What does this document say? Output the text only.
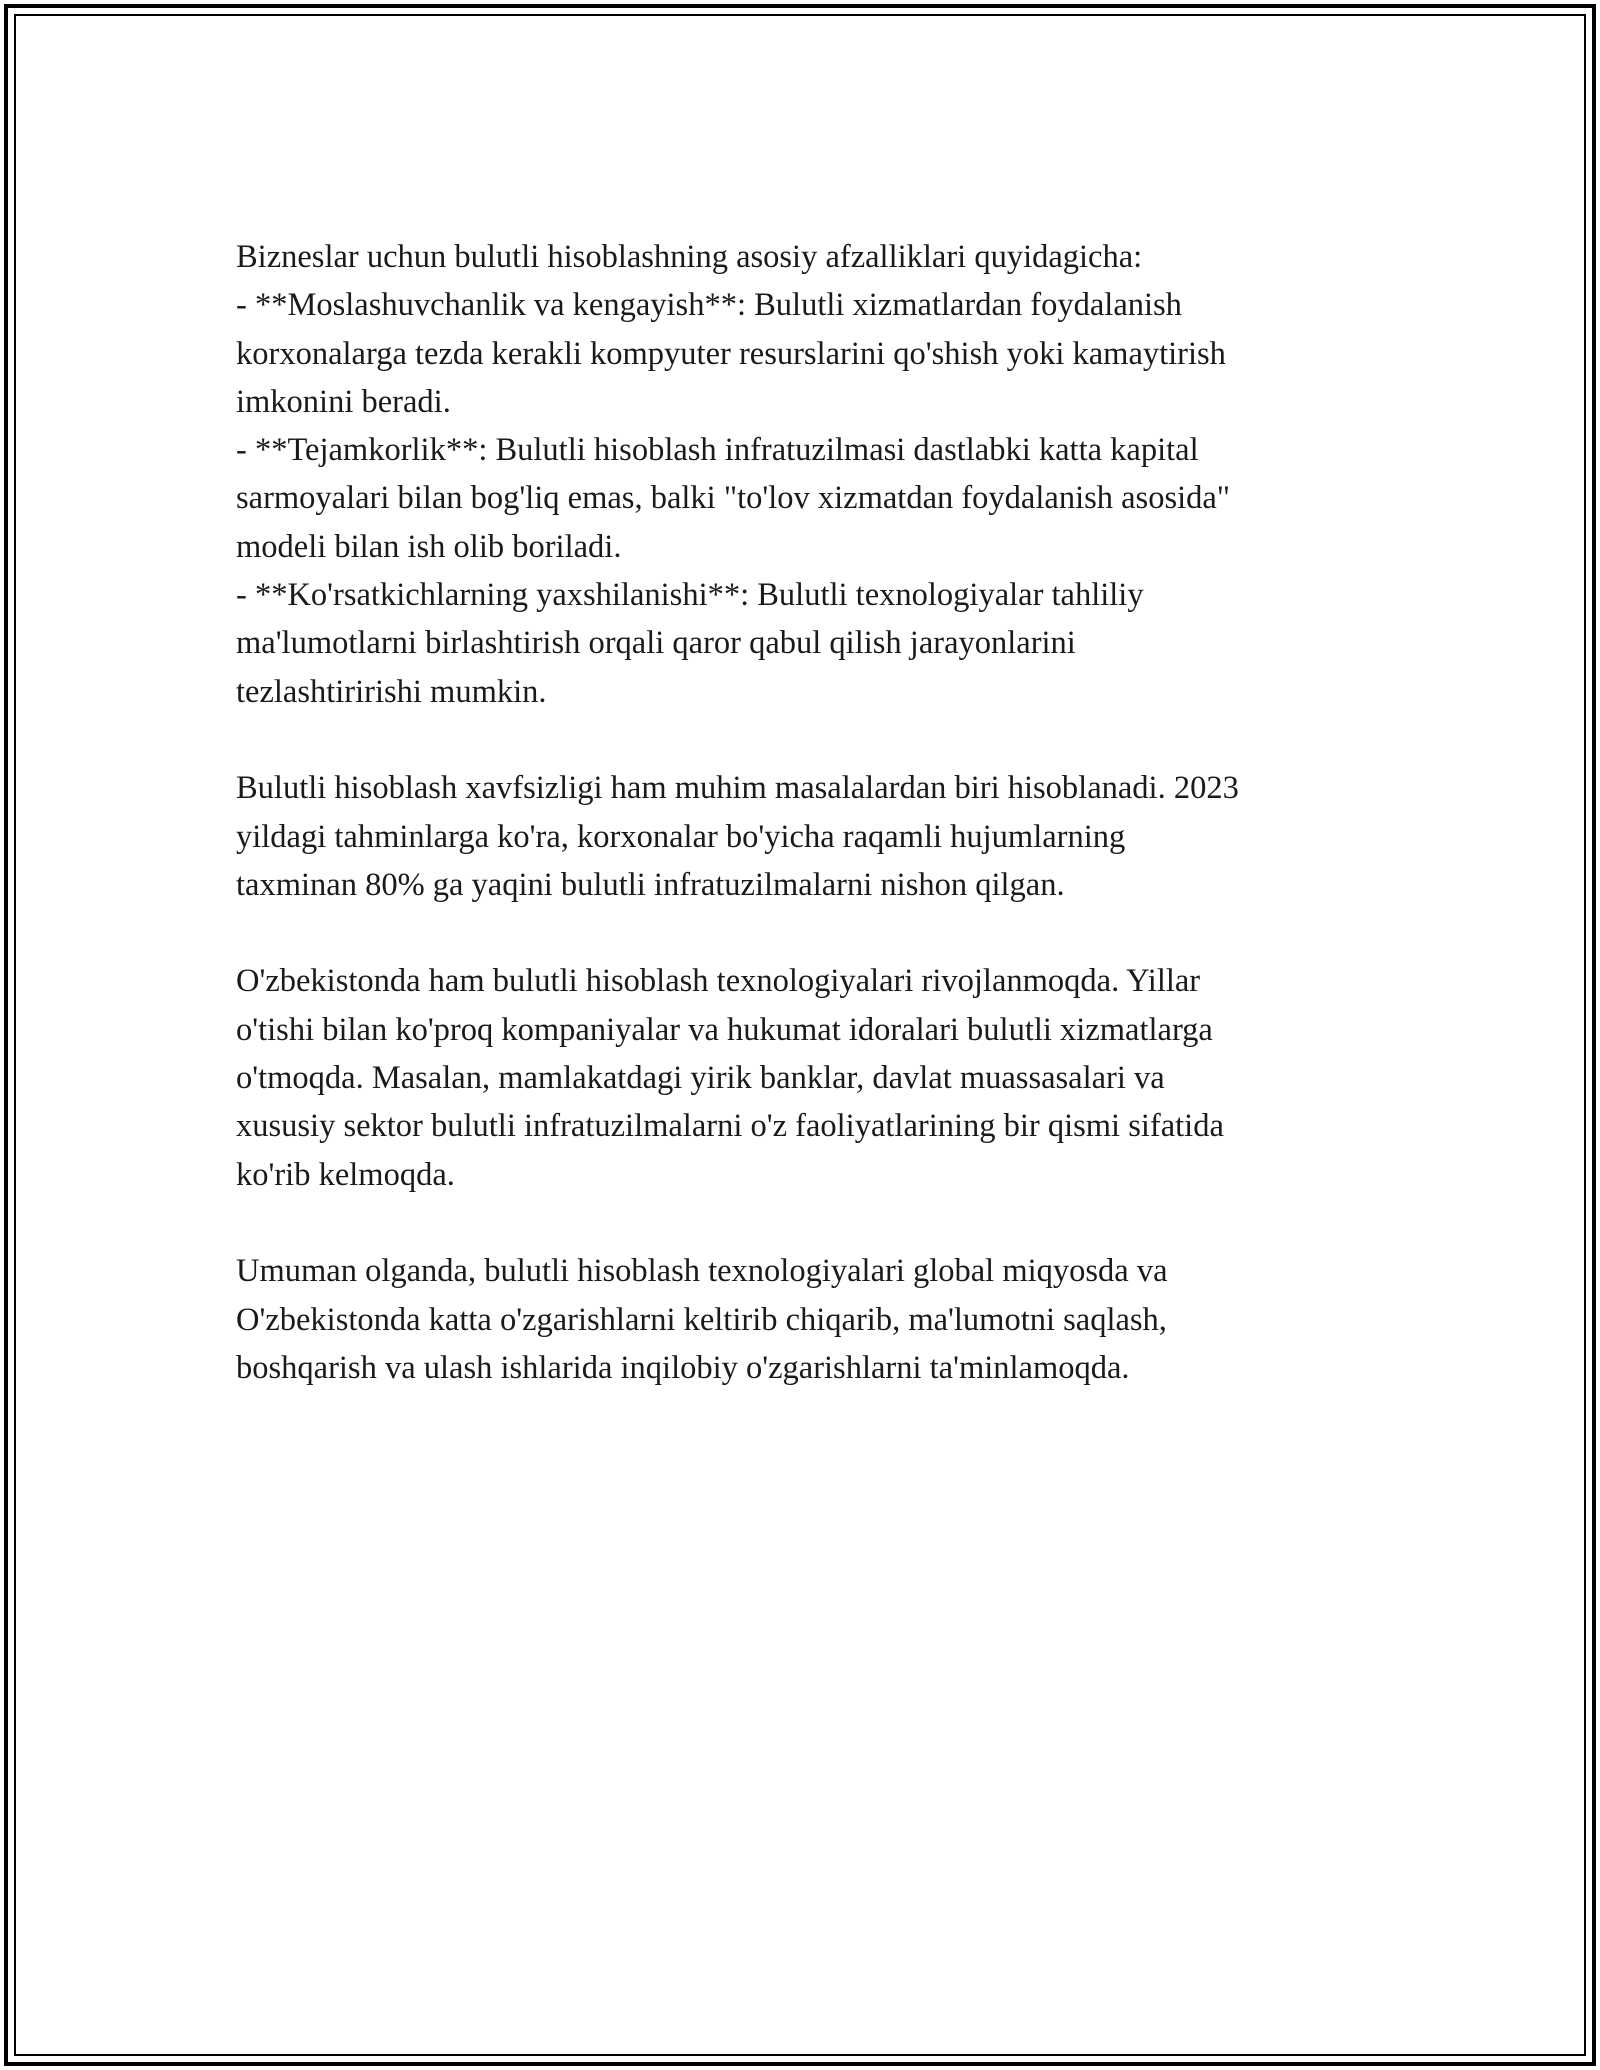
Bizneslar uchun bulutli hisoblashning asosiy afzalliklari quyidagicha:
- **Moslashuvchanlik va kengayish**: Bulutli xizmatlardan foydalanish
korxonalarga tezda kerakli kompyuter resurslarini qo'shish yoki kamaytirish
imkonini beradi.
- **Tejamkorlik**: Bulutli hisoblash infratuzilmasi dastlabki katta kapital
sarmoyalari bilan bog'liq emas, balki "to'lov xizmatdan foydalanish asosida"
modeli bilan ish olib boriladi.
- **Ko'rsatkichlarning yaxshilanishi**: Bulutli texnologiyalar tahliliy
ma'lumotlarni birlashtirish orqali qaror qabul qilish jarayonlarini
tezlashtiririshi mumkin.
Bulutli hisoblash xavfsizligi ham muhim masalalardan biri hisoblanadi. 2023
yildagi tahminlarga ko'ra, korxonalar bo'yicha raqamli hujumlarning
taxminan 80% ga yaqini bulutli infratuzilmalarni nishon qilgan.
O'zbekistonda ham bulutli hisoblash texnologiyalari rivojlanmoqda. Yillar
o'tishi bilan ko'proq kompaniyalar va hukumat idoralari bulutli xizmatlarga
o'tmoqda. Masalan, mamlakatdagi yirik banklar, davlat muassasalari va
xususiy sektor bulutli infratuzilmalarni o'z faoliyatlarining bir qismi sifatida
ko'rib kelmoqda.
Umuman olganda, bulutli hisoblash texnologiyalari global miqyosda va
O'zbekistonda katta o'zgarishlarni keltirib chiqarib, ma'lumotni saqlash,
boshqarish va ulash ishlarida inqilobiy o'zgarishlarni ta'minlamoqda.
